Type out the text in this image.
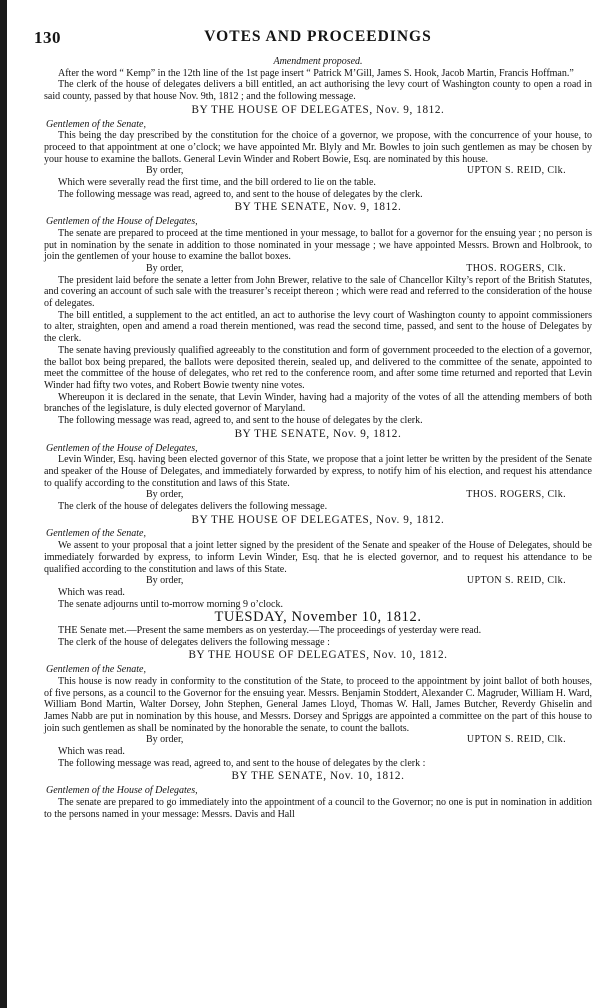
130	VOTES AND PROCEEDINGS

Amendment proposed.

After the word “ Kemp” in the 12th line of the 1st page insert “ Patrick M’Gill, James S. Hook, Jacob Martin, Francis Hoffman.”

The clerk of the house of delegates delivers a bill entitled, an act authorising the levy court of Washington county to open a road in said county, passed by that house Nov. 9th, 1812 ; and the following message.

BY THE HOUSE OF DELEGATES, Nov. 9, 1812.

Gentlemen of the Senate,

This being the day prescribed by the constitution for the choice of a governor, we propose, with the concurrence of your house, to proceed to that appointment at one o’clock; we have appointed Mr. Blyly and Mr. Bowles to join such gentlemen as may be chosen by your house to examine the ballots. General Levin Winder and Robert Bowie, Esq. are nominated by this house.

By order,	UPTON S. REID, Clk.

Which were severally read the first time, and the bill ordered to lie on the table.

The following message was read, agreed to, and sent to the house of delegates by the clerk.

BY THE SENATE, Nov. 9, 1812.

Gentlemen of the House of Delegates,

The senate are prepared to proceed at the time mentioned in your message, to ballot for a governor for the ensuing year ; no person is put in nomination by the senate in addition to those nominated in your message ; we have appointed Messrs. Brown and Holbrook, to join the gentlemen of your house to examine the ballot boxes.

By order,	THOS. ROGERS, Clk.

The president laid before the senate a letter from John Brewer, relative to the sale of Chancellor Kilty’s report of the British Statutes, and covering an account of such sale with the treasurer’s receipt thereon ; which were read and referred to the consideration of the house of delegates.

The bill entitled, a supplement to the act entitled, an act to authorise the levy court of Washington county to appoint commissioners to alter, straighten, open and amend a road therein mentioned, was read the second time, passed, and sent to the house of Delegates by the clerk.

The senate having previously qualified agreeably to the constitution and form of government proceeded to the election of a governor, the ballot box being prepared, the ballots were deposited therein, sealed up, and delivered to the committee of the senate, appointed to meet the committee of the house of delegates, who ret red to the conference room, and after some time returned and reported that Levin Winder had fifty two votes, and Robert Bowie twenty nine votes.

Whereupon it is declared in the senate, that Levin Winder, having had a majority of the votes of all the attending members of both branches of the legislature, is duly elected governor of Maryland.

The following message was read, agreed to, and sent to the house of delegates by the clerk.

BY THE SENATE, Nov. 9, 1812.

Gentlemen of the House of Delegates,

Levin Winder, Esq. having been elected governor of this State, we propose that a joint letter be written by the president of the Senate and speaker of the House of Delegates, and immediately forwarded by express, to notify him of his election, and request his attendance to qualify according to the constitution and laws of this State.

By order,	THOS. ROGERS, Clk.

The clerk of the house of delegates delivers the following message.

BY THE HOUSE OF DELEGATES, Nov. 9, 1812.

Gentlemen of the Senate,

We assent to your proposal that a joint letter signed by the president of the Senate and speaker of the House of Delegates, should be immediately forwarded by express, to inform Levin Winder, Esq. that he is elected governor, and to request his attendance to be qualified according to the constitution and laws of this State.

By order,	UPTON S. REID, Clk.

Which was read.

The senate adjourns until to-morrow morning 9 o’clock.

TUESDAY, November 10, 1812.

THE Senate met.—Present the same members as on yesterday.—The proceedings of yesterday were read.

The clerk of the house of delegates delivers the following message :

BY THE HOUSE OF DELEGATES, Nov. 10, 1812.

Gentlemen of the Senate,

This house is now ready in conformity to the constitution of the State, to proceed to the appointment by joint ballot of both houses, of five persons, as a council to the Governor for the ensuing year. Messrs. Benjamin Stoddert, Alexander C. Magruder, William H. Ward, William Bond Martin, Walter Dorsey, John Stephen, General James Lloyd, Thomas W. Hall, James Butcher, Reverdy Ghiselin and James Nabb are put in nomination by this house, and Messrs. Dorsey and Spriggs are appointed a committee on the part of this house to join such gentlemen as shall be nominated by the honorable the senate, to count the ballots.

By order,	UPTON S. REID, Clk.

Which was read.

The following message was read, agreed to, and sent to the house of delegates by the clerk :

BY THE SENATE, Nov. 10, 1812.

Gentlemen of the House of Delegates,

The senate are prepared to go immediately into the appointment of a council to the Governor; no one is put in nomination in addition to the persons named in your message: Messrs. Davis and Hall
